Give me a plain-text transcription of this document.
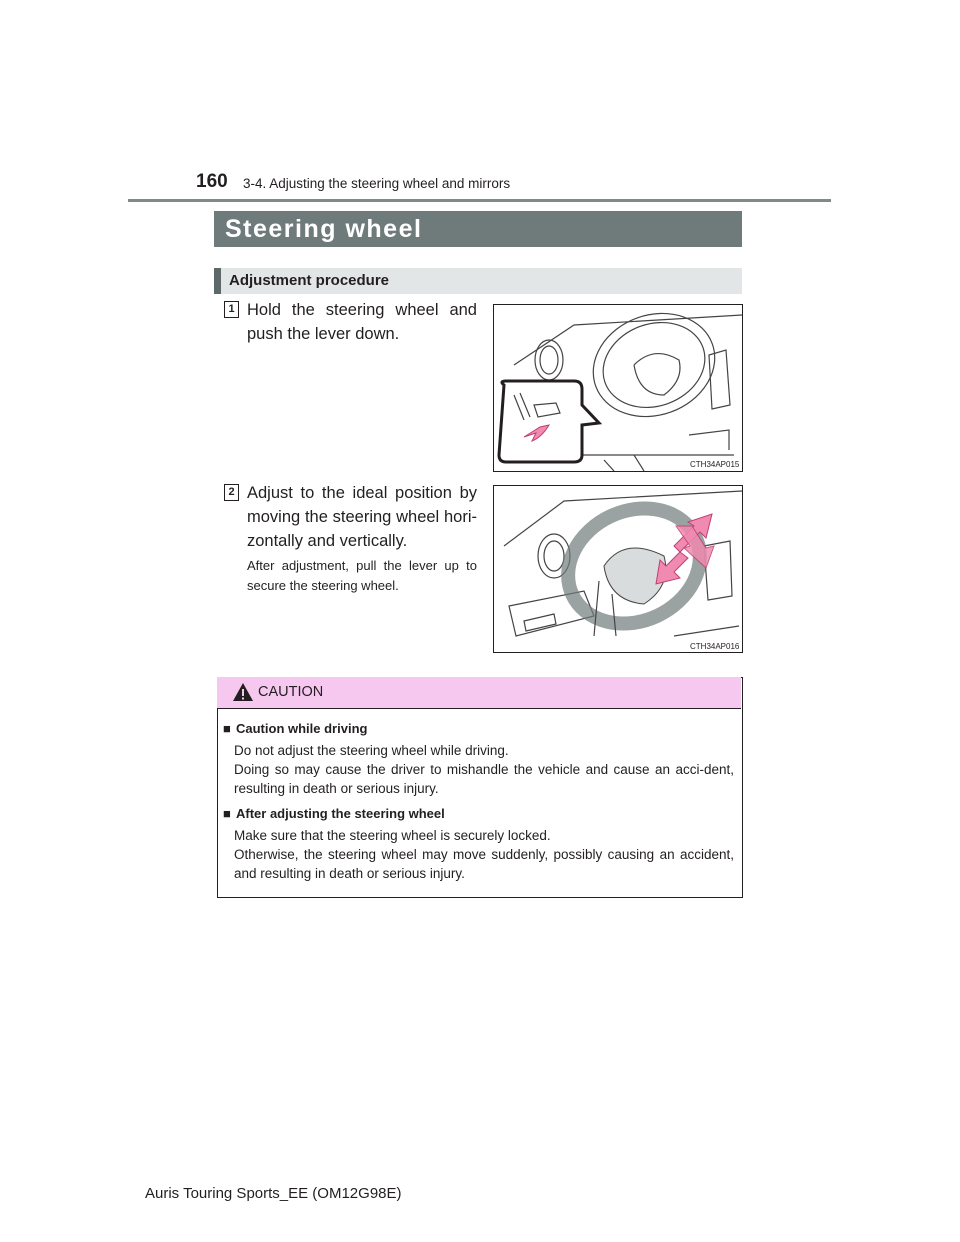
160 3-4. Adjusting the steering wheel and mirrors
Steering wheel
Adjustment procedure
1 Hold the steering wheel and push the lever down.
CTH34AP015
2 Adjust to the ideal position by moving the steering wheel hori-zontally and vertically.
After adjustment, pull the lever up to secure the steering wheel.
CTH34AP016
CAUTION
■ Caution while driving
Do not adjust the steering wheel while driving.
Doing so may cause the driver to mishandle the vehicle and cause an acci-dent, resulting in death or serious injury.
■ After adjusting the steering wheel
Make sure that the steering wheel is securely locked.
Otherwise, the steering wheel may move suddenly, possibly causing an accident, and resulting in death or serious injury.
Auris Touring Sports_EE (OM12G98E)
